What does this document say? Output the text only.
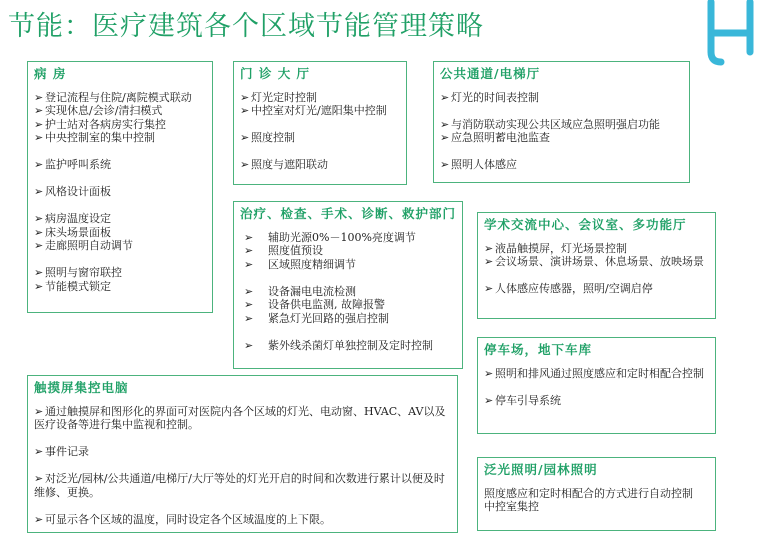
节能：医疗建筑各个区域节能管理策略
病 房
➢ 登记流程与住院/离院模式联动
➢ 实现休息/会诊/清扫模式
➢ 护士站对各病房实行集控
➢ 中央控制室的集中控制
➢ 监护呼叫系统
➢ 风格设计面板
➢ 病房温度设定
➢ 床头场景面板
➢ 走廊照明自动调节
➢ 照明与窗帘联控
➢ 节能模式锁定
门 诊 大 厅
➢ 灯光定时控制
➢ 中控室对灯光/遮阳集中控制
➢ 照度控制
➢ 照度与遮阳联动
公共通道/电梯厅
➢ 灯光的时间表控制
➢ 与消防联动实现公共区域应急照明强启功能
➢ 应急照明蓄电池监查
➢ 照明人体感应
治疗、检查、手术、诊断、救护部门
➢ 辅助光源0%－100%亮度调节
➢ 照度值预设
➢ 区域照度精细调节
➢ 设备漏电电流检测
➢ 设备供电监测, 故障报警
➢ 紧急灯光回路的强启控制
➢ 紫外线杀菌灯单独控制及定时控制
学术交流中心、会议室、多功能厅
➢ 液晶触摸屏，灯光场景控制
➢ 会议场景、演讲场景、休息场景、放映场景
➢ 人体感应传感器，照明/空调启停
停车场，地下车库
➢ 照明和排风通过照度感应和定时相配合控制
➢ 停车引导系统
触摸屏集控电脑
➢ 通过触摸屏和图形化的界面可对医院内各个区域的灯光、电动窗、HVAC、AV以及医疗设备等进行集中监视和控制。
➢ 事件记录
➢ 对泛光/园林/公共通道/电梯厅/大厅等处的灯光开启的时间和次数进行累计以便及时维修、更换。
➢ 可显示各个区域的温度，同时设定各个区域温度的上下限。
泛光照明/园林照明
照度感应和定时相配合的方式进行自动控制
中控室集控
